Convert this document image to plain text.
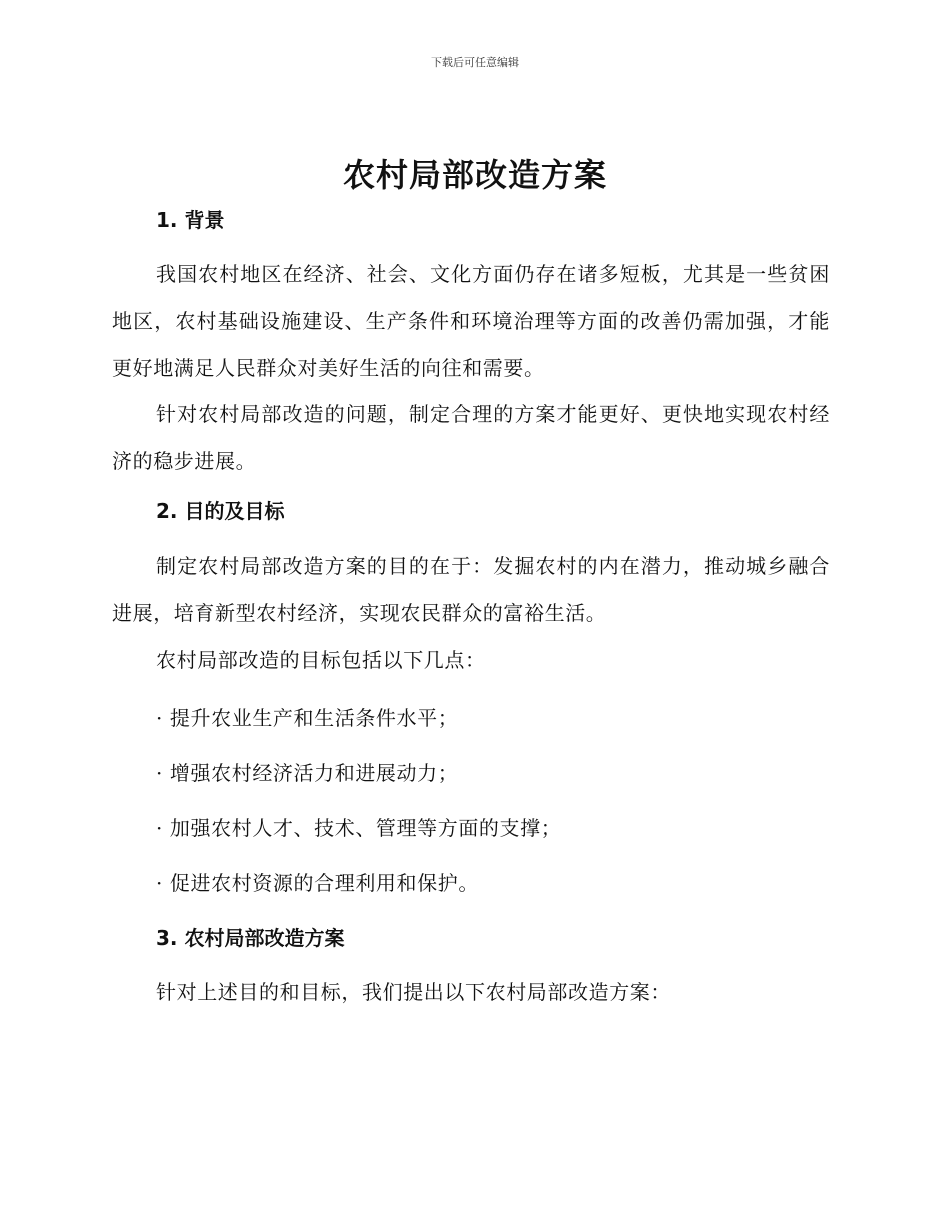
下载后可任意编辑
农村局部改造方案
1. 背景

我国农村地区在经济、社会、文化方面仍存在诸多短板，尤其是一些贫困地区，农村基础设施建设、生产条件和环境治理等方面的改善仍需加强，才能更好地满足人民群众对美好生活的向往和需要。

针对农村局部改造的问题，制定合理的方案才能更好、更快地实现农村经济的稳步进展。

2. 目的及目标

制定农村局部改造方案的目的在于：发掘农村的内在潜力，推动城乡融合进展，培育新型农村经济，实现农民群众的富裕生活。

农村局部改造的目标包括以下几点：

· 提升农业生产和生活条件水平；
· 增强农村经济活力和进展动力；
· 加强农村人才、技术、管理等方面的支撑；
· 促进农村资源的合理利用和保护。
3. 农村局部改造方案

针对上述目的和目标，我们提出以下农村局部改造方案：
